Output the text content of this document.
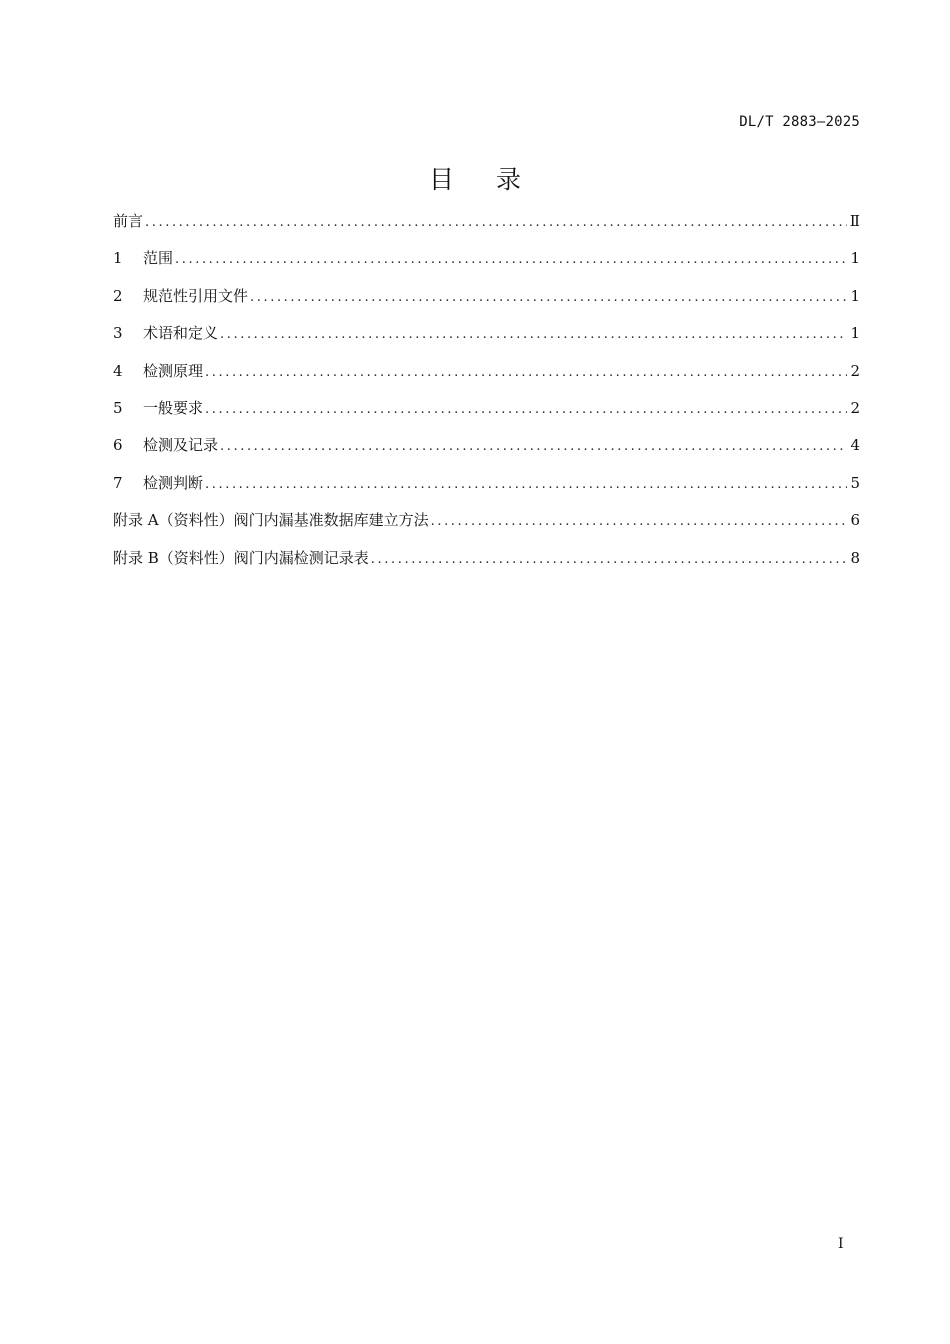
DL/T 2883—2025
目录
前言 .....	Ⅱ
1	范围 .....	1
2	规范性引用文件 .....	1
3	术语和定义 .....	1
4	检测原理 .....	2
5	一般要求 .....	2
6	检测及记录 .....	4
7	检测判断 .....	5
附录 A（资料性）阀门内漏基准数据库建立方法 .....	6
附录 B（资料性）阀门内漏检测记录表 .....	8
I
